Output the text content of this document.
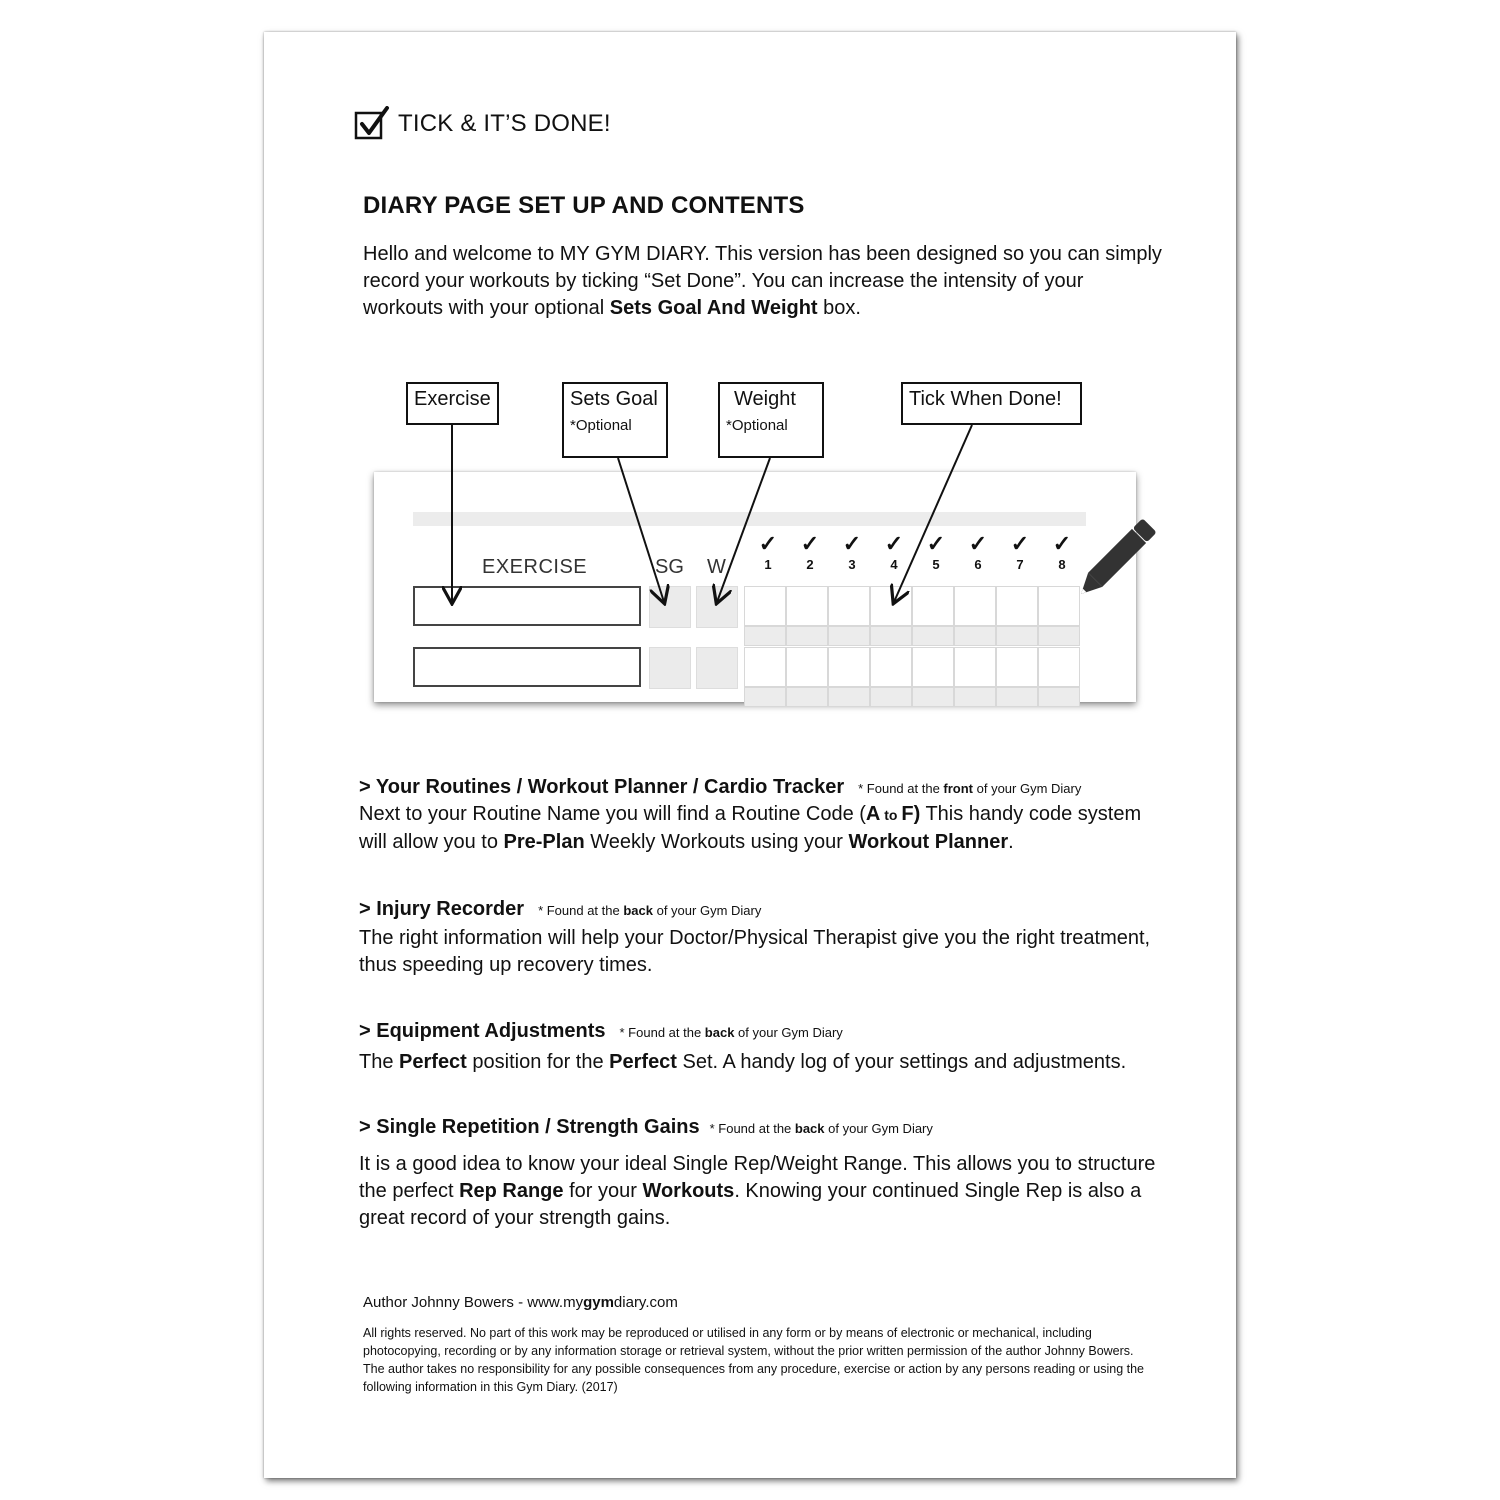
TICK & IT’S DONE!
DIARY PAGE SET UP AND CONTENTS
Hello and welcome to MY GYM DIARY. This version has been designed so you can simply record your workouts by ticking “Set Done”. You can increase the intensity of your workouts with your optional Sets Goal And Weight box.
EXERCISE	SG W
✓
1
✓
2
✓
3
✓
4
✓
5
✓
6
✓
7
✓
8
Exercise	Sets Goal
*Optional
Weight
*Optional
Tick When Done!
> Your Routines / Workout Planner / Cardio Tracker * Found at the front of your Gym Diary
Next to your Routine Name you will find a Routine Code (A to F) This handy code system will allow you to Pre-Plan Weekly Workouts using your Workout Planner.
> Injury Recorder * Found at the back of your Gym Diary
The right information will help your Doctor/Physical Therapist give you the right treatment, thus speeding up recovery times.
> Equipment Adjustments * Found at the back of your Gym Diary
The Perfect position for the Perfect Set. A handy log of your settings and adjustments.
> Single Repetition / Strength Gains * Found at the back of your Gym Diary
It is a good idea to know your ideal Single Rep/Weight Range. This allows you to structure the perfect Rep Range for your Workouts. Knowing your continued Single Rep is also a great record of your strength gains.
Author Johnny Bowers - www.mygymdiary.com
All rights reserved. No part of this work may be reproduced or utilised in any form or by means of electronic or mechanical, including photocopying, recording or by any information storage or retrieval system, without the prior written permission of the author Johnny Bowers. The author takes no responsibility for any possible consequences from any procedure, exercise or action by any persons reading or using the following information in this Gym Diary. (2017)
